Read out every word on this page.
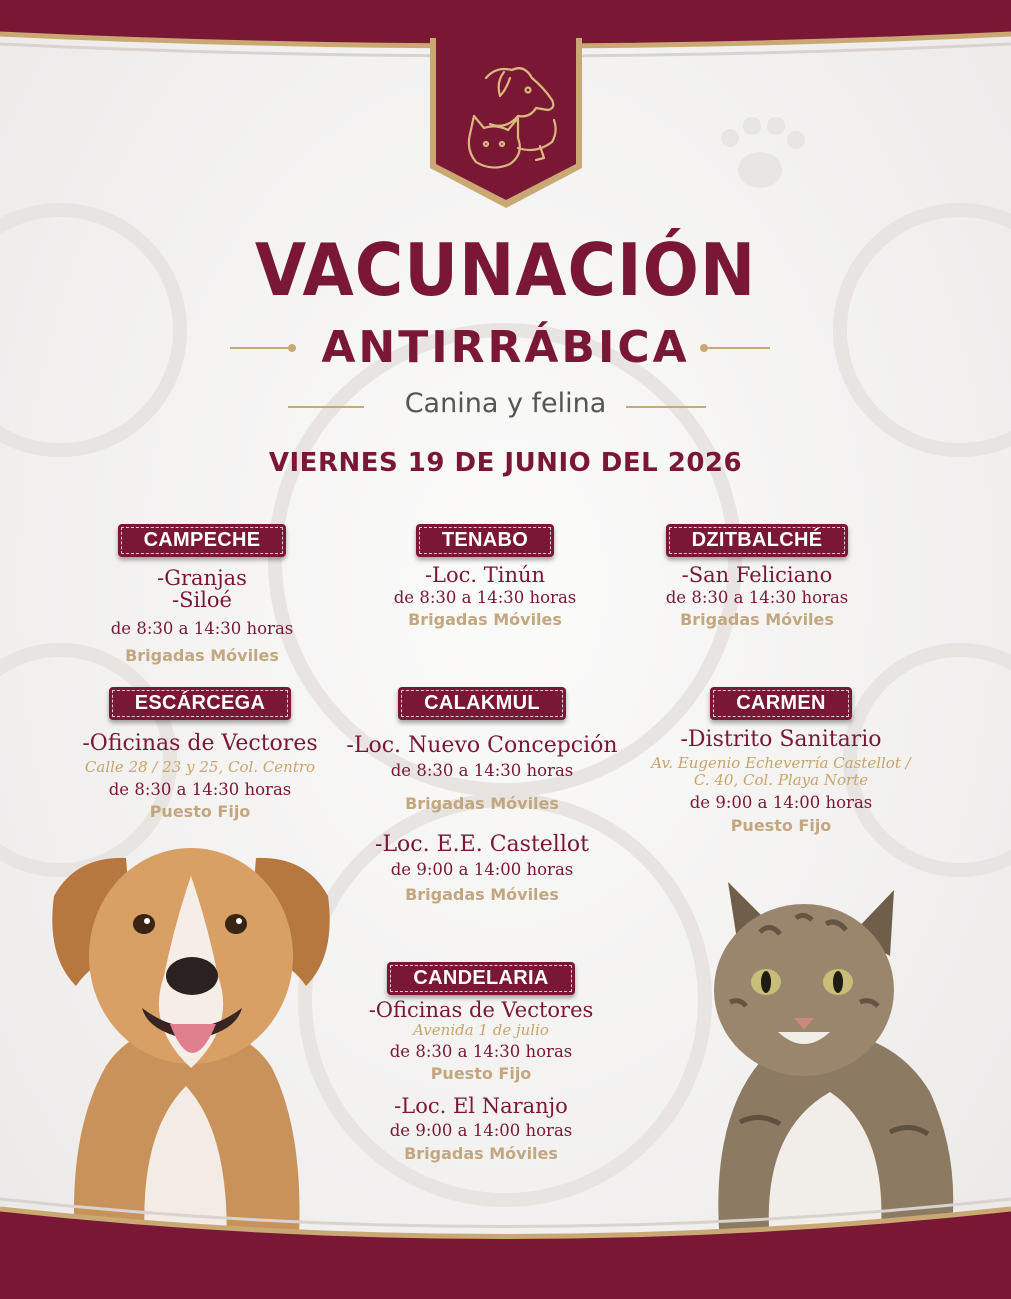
VACUNACIÓN
ANTIRRÁBICA
Canina y felina
VIERNES 19 DE JUNIO DEL 2026
CAMPECHE
-Granjas
-Siloé
de 8:30 a 14:30 horas
Brigadas Móviles
TENABO
-Loc. Tinún
de 8:30 a 14:30 horas
Brigadas Móviles
DZITBALCHÉ
-San Feliciano
de 8:30 a 14:30 horas
Brigadas Móviles
ESCÁRCEGA
-Oficinas de Vectores
Calle 28 / 23 y 25, Col. Centro
de 8:30 a 14:30 horas
Puesto Fijo
CALAKMUL
-Loc. Nuevo Concepción
de 8:30 a 14:30 horas
Brigadas Móviles
-Loc. E.E. Castellot
de 9:00 a 14:00 horas
Brigadas Móviles
CARMEN
-Distrito Sanitario
Av. Eugenio Echeverría Castellot /
C. 40, Col. Playa Norte
de 9:00 a 14:00 horas
Puesto Fijo
CANDELARIA
-Oficinas de Vectores
Avenida 1 de julio
de 8:30 a 14:30 horas
Puesto Fijo
-Loc. El Naranjo
de 9:00 a 14:00 horas
Brigadas Móviles
